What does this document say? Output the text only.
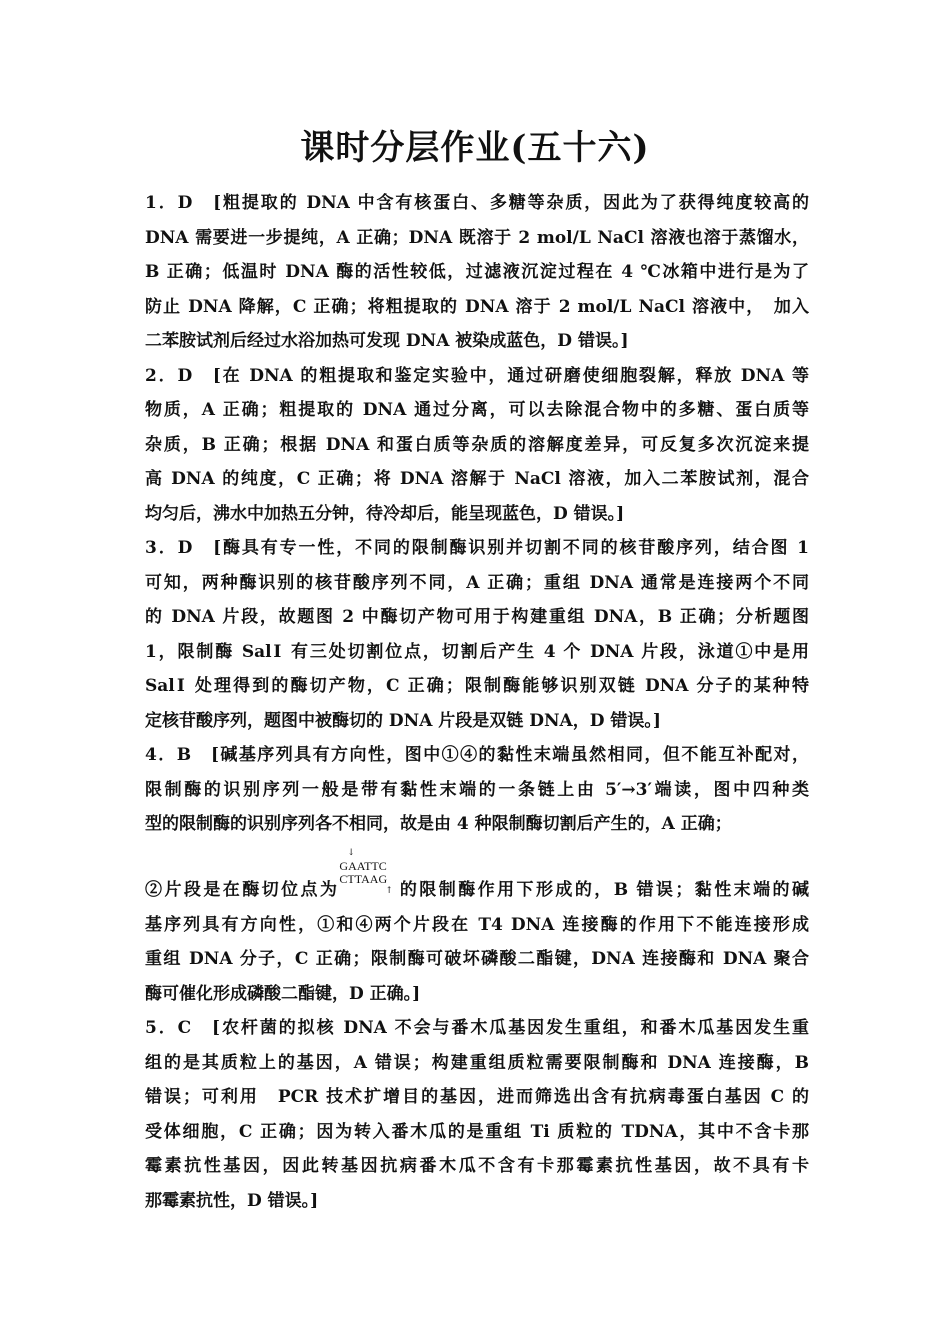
课时分层作业(五十六)
1．D　[粗提取的 DNA 中含有核蛋白、多糖等杂质，因此为了获得纯度较高的
DNA 需要进一步提纯，A 正确；DNA 既溶于 2 mol/L NaCl 溶液也溶于蒸馏水，
B 正确；低温时 DNA 酶的活性较低，过滤液沉淀过程在 4 ℃冰箱中进行是为了
防止 DNA 降解，C 正确；将粗提取的 DNA 溶于 2 mol/L NaCl 溶液中，　加入
二苯胺试剂后经过水浴加热可发现 DNA 被染成蓝色，D 错误。]
2．D　[在 DNA 的粗提取和鉴定实验中，通过研磨使细胞裂解，释放 DNA 等
物质，A 正确；粗提取的 DNA 通过分离，可以去除混合物中的多糖、蛋白质等
杂质，B 正确；根据 DNA 和蛋白质等杂质的溶解度差异，可反复多次沉淀来提
高 DNA 的纯度，C 正确；将 DNA 溶解于 NaCl 溶液，加入二苯胺试剂，混合
均匀后，沸水中加热五分钟，待冷却后，能呈现蓝色，D 错误。]
3．D　[酶具有专一性，不同的限制酶识别并切割不同的核苷酸序列，结合图 1
可知，两种酶识别的核苷酸序列不同，A 正确；重组 DNA 通常是连接两个不同
的 DNA 片段，故题图 2 中酶切产物可用于构建重组 DNA，B 正确；分析题图
1，限制酶 SalⅠ 有三处切割位点，切割后产生 4 个 DNA 片段，泳道①中是用
SalⅠ 处理得到的酶切产物，C 正确；限制酶能够识别双链 DNA 分子的某种特
定核苷酸序列，题图中被酶切的 DNA 片段是双链 DNA，D 错误。]
4．B　[碱基序列具有方向性，图中①④的黏性末端虽然相同，但不能互补配对，
限制酶的识别序列一般是带有黏性末端的一条链上由 5′→3′端读，图中四种类
型的限制酶的识别序列各不相同，故是由 4 种限制酶切割后产生的，A 正确；
②片段是在酶切位点为
↓
GAATTC
CTTAAG
↑ 的限制酶作用下形成的，B 错误；黏性末端的碱
基序列具有方向性，①和④两个片段在 T4 DNA 连接酶的作用下不能连接形成
重组 DNA 分子，C 正确；限制酶可破坏磷酸二酯键，DNA 连接酶和 DNA 聚合
酶可催化形成磷酸二酯键，D 正确。]
5．C　[农杆菌的拟核 DNA 不会与番木瓜基因发生重组，和番木瓜基因发生重
组的是其质粒上的基因，A 错误；构建重组质粒需要限制酶和 DNA 连接酶，B
错误；可利用　PCR 技术扩增目的基因，进而筛选出含有抗病毒蛋白基因 C 的
受体细胞，C 正确；因为转入番木瓜的是重组 Ti 质粒的 TDNA，其中不含卡那
霉素抗性基因，因此转基因抗病番木瓜不含有卡那霉素抗性基因，故不具有卡
那霉素抗性，D 错误。]
